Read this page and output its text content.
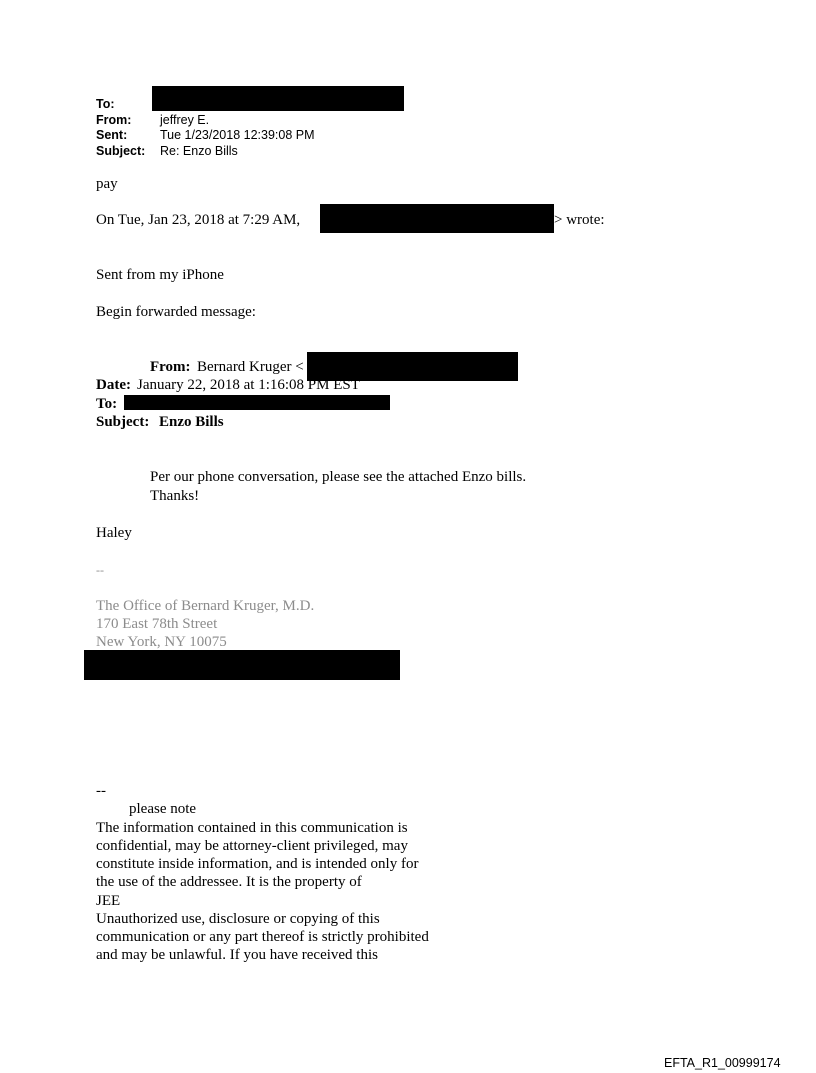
To:
From: jeffrey E.
Sent:	Tue 1/23/2018 12:39:08 PM
Subject: Re: Enzo Bills
pay
On Tue, Jan 23, 2018 at 7:29 AM,	> wrote:
Sent from my iPhone
Begin forwarded message:
From: Bernard Kruger <
Date: January 22, 2018 at 1:16:08 PM EST
To:
Subject: Enzo Bills
Per our phone conversation, please see the attached Enzo bills.
Thanks!
Haley
--
The Office of Bernard Kruger, M.D.
170 East 78th Street
New York, NY 10075
--
please note
The information contained in this communication is
confidential, may be attorney-client privileged, may
constitute inside information, and is intended only for
the use of the addressee. It is the property of
JEE
Unauthorized use, disclosure or copying of this
communication or any part thereof is strictly prohibited
and may be unlawful. If you have received this
EFTA_R1_00999174
